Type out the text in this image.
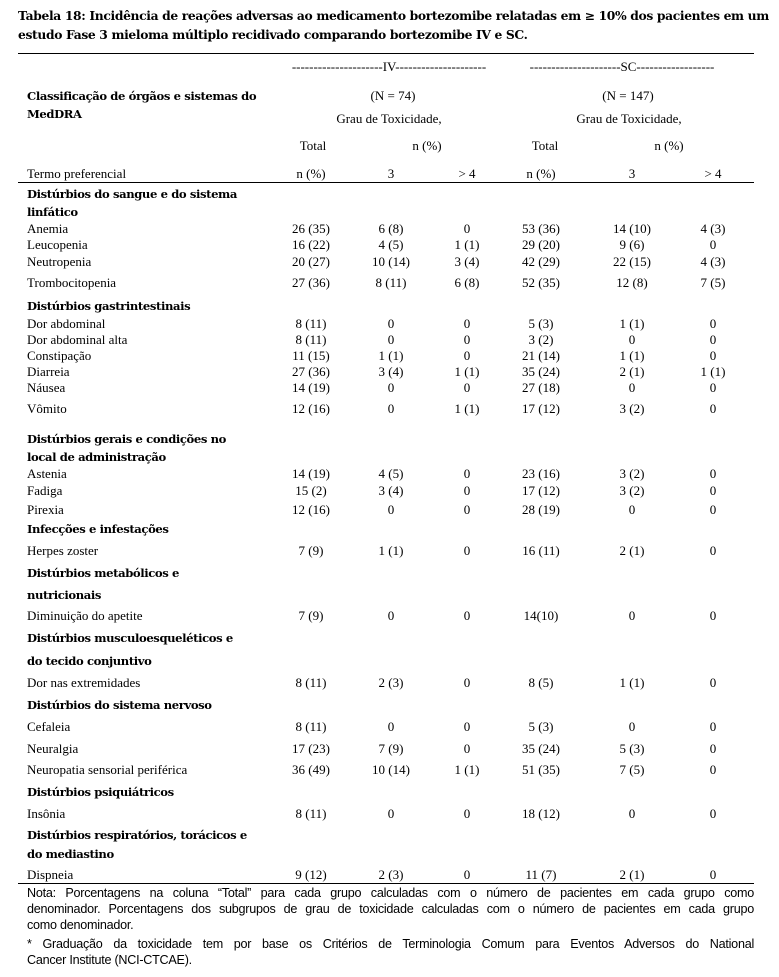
Tabela 18: Incidência de reações adversas ao medicamento bortezomibe relatadas em ≥ 10% dos pacientes em um
estudo Fase 3 mieloma múltiplo recidivado comparando bortezomibe IV e SC.
---------------------IV---------------------	---------------------SC------------------
Classificação de órgãos e sistemas do
MedDRA
(N = 74)	(N = 147)
Grau de Toxicidade,	Grau de Toxicidade,
Total	n (%)	Total	n (%)
Termo preferencial	n (%)	3	> 4	n (%)	3	> 4
Distúrbios do sangue e do sistema
linfático
Anemia	26 (35)	6 (8)	0	53 (36)	14 (10)	4 (3)
Leucopenia	16 (22)	4 (5)	1 (1)	29 (20)	9 (6)	0
Neutropenia	20 (27)	10 (14)	3 (4)	42 (29)	22 (15)	4 (3)
Trombocitopenia	27 (36)	8 (11)	6 (8)	52 (35)	12 (8)	7 (5)
Distúrbios gastrintestinais
Dor abdominal	8 (11)	0	0	5 (3)	1 (1)	0
Dor abdominal alta	8 (11)	0	0	3 (2)	0	0
Constipação	11 (15)	1 (1)	0	21 (14)	1 (1)	0
Diarreia	27 (36)	3 (4)	1 (1)	35 (24)	2 (1)	1 (1)
Náusea	14 (19)	0	0	27 (18)	0	0
Vômito	12 (16)	0	1 (1)	17 (12)	3 (2)	0
Distúrbios gerais e condições no
local de administração
Astenia	14 (19)	4 (5)	0	23 (16)	3 (2)	0
Fadiga	15 (2)	3 (4)	0	17 (12)	3 (2)	0
Pirexia	12 (16)	0	0	28 (19)	0	0
Infecções e infestações
Herpes zoster	7 (9)	1 (1)	0	16 (11)	2 (1)	0
Distúrbios metabólicos e
nutricionais
Diminuição do apetite	7 (9)	0	0	14(10)	0	0
Distúrbios musculoesqueléticos e
do tecido conjuntivo
Dor nas extremidades	8 (11)	2 (3)	0	8 (5)	1 (1)	0
Distúrbios do sistema nervoso
Cefaleia	8 (11)	0	0	5 (3)	0	0
Neuralgia	17 (23)	7 (9)	0	35 (24)	5 (3)	0
Neuropatia sensorial periférica	36 (49)	10 (14)	1 (1)	51 (35)	7 (5)	0
Distúrbios psiquiátricos
Insônia	8 (11)	0	0	18 (12)	0	0
Distúrbios respiratórios, torácicos e
do mediastino
Dispneia	9 (12)	2 (3)	0	11 (7)	2 (1)	0
Nota: Porcentagens na coluna “Total” para cada grupo calculadas com o número de pacientes em cada grupo como
denominador. Porcentagens dos subgrupos de grau de toxicidade calculadas com o número de pacientes em cada grupo
como denominador.
* Graduação da toxicidade tem por base os Critérios de Terminologia Comum para Eventos Adversos do National
Cancer Institute (NCI-CTCAE).
